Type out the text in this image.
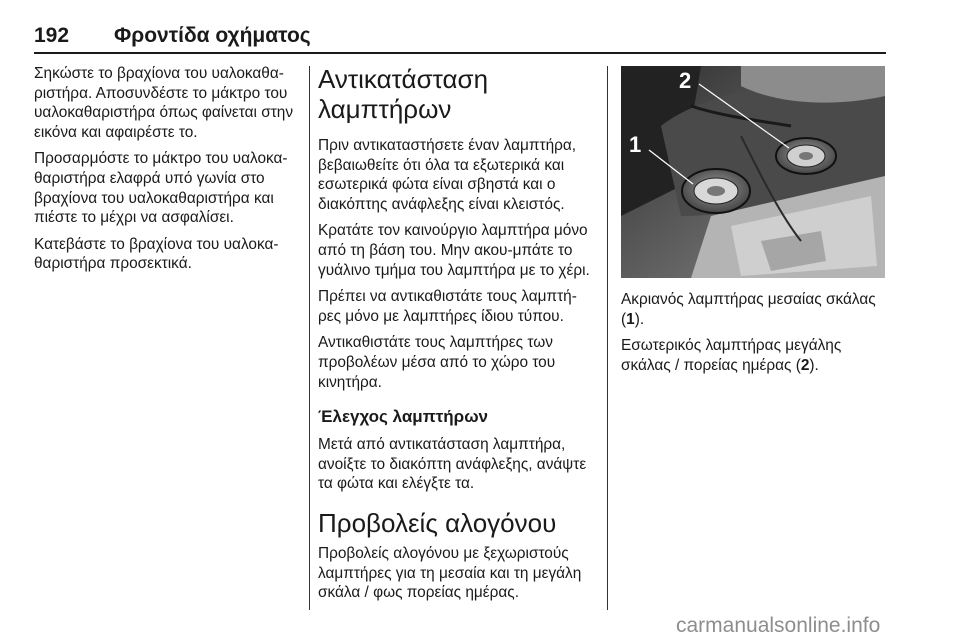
192 Φροντίδα οχήματος

Σηκώστε το βραχίονα του υαλοκαθα-ριστήρα. Αποσυνδέστε το μάκτρο του υαλοκαθαριστήρα όπως φαίνεται στην εικόνα και αφαιρέστε το.

Προσαρμόστε το μάκτρο του υαλοκα-θαριστήρα ελαφρά υπό γωνία στο βραχίονα του υαλοκαθαριστήρα και πιέστε το μέχρι να ασφαλίσει.

Κατεβάστε το βραχίονα του υαλοκα-θαριστήρα προσεκτικά.

Αντικατάσταση λαμπτήρων

Πριν αντικαταστήσετε έναν λαμπτήρα, βεβαιωθείτε ότι όλα τα εξωτερικά και εσωτερικά φώτα είναι σβηστά και ο διακόπτης ανάφλεξης είναι κλειστός.

Κρατάτε τον καινούργιο λαμπτήρα μόνο από τη βάση του. Μην ακου-μπάτε το γυάλινο τμήμα του λαμπτήρα με το χέρι.

Πρέπει να αντικαθιστάτε τους λαμπτή-ρες μόνο με λαμπτήρες ίδιου τύπου.

Αντικαθιστάτε τους λαμπτήρες των προβολέων μέσα από το χώρο του κινητήρα.

Έλεγχος λαμπτήρων

Μετά από αντικατάσταση λαμπτήρα, ανοίξτε το διακόπτη ανάφλεξης, ανάψτε τα φώτα και ελέγξτε τα.

Προβολείς αλογόνου

Προβολείς αλογόνου με ξεχωριστούς λαμπτήρες για τη μεσαία και τη μεγάλη σκάλα / φως πορείας ημέρας.

1
2

Ακριανός λαμπτήρας μεσαίας σκάλας (1).

Εσωτερικός λαμπτήρας μεγάλης σκάλας / πορείας ημέρας (2).

carmanualsonline.info
